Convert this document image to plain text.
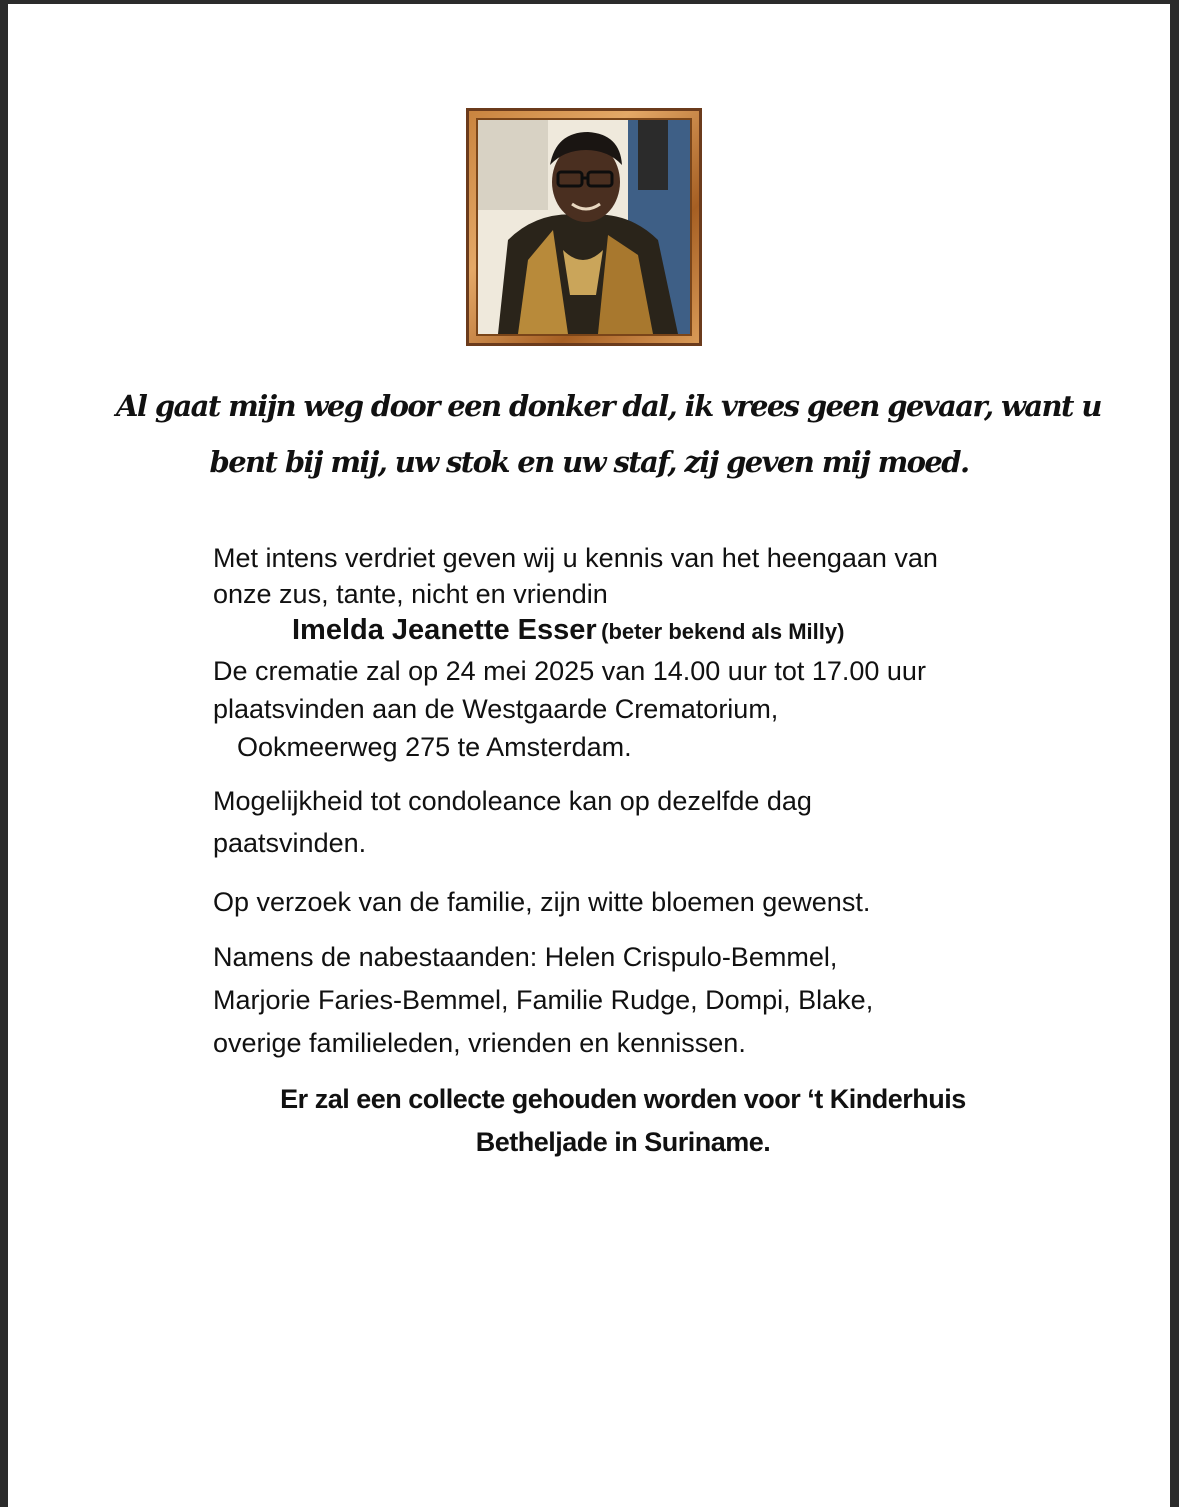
Al gaat mijn weg door een donker dal, ik vrees geen gevaar, want u
bent bij mij, uw stok en uw staf, zij geven mij moed.
Met intens verdriet geven wij u kennis van het heengaan van
onze zus, tante, nicht en vriendin
Imelda Jeanette Esser (beter bekend als Milly)
De crematie zal op 24 mei 2025 van 14.00 uur tot 17.00 uur
plaatsvinden aan de Westgaarde Crematorium,
Ookmeerweg 275 te Amsterdam.
Mogelijkheid tot condoleance kan op dezelfde dag
paatsvinden.
Op verzoek van de familie, zijn witte bloemen gewenst.
Namens de nabestaanden: Helen Crispulo-Bemmel,
Marjorie Faries-Bemmel, Familie Rudge, Dompi, Blake,
overige familieleden, vrienden en kennissen.
Er zal een collecte gehouden worden voor ‘t Kinderhuis
Betheljade in Suriname.
